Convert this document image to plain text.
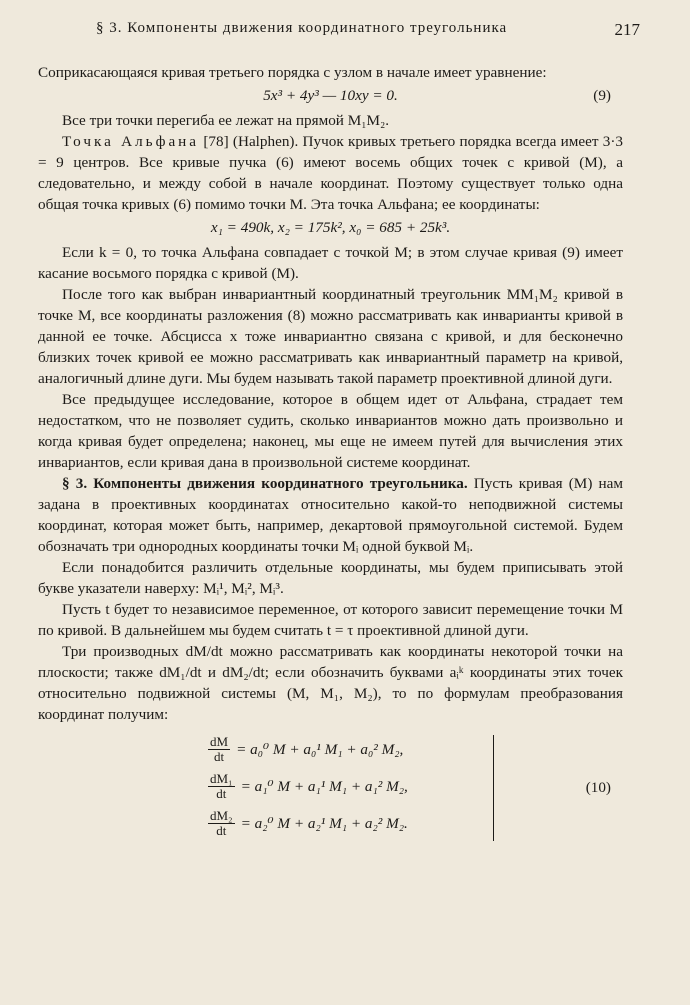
§ 3. Компоненты движения координатного треугольника	217

Соприкасающаяся кривая третьего порядка с узлом в начале имеет уравнение:

5x³ + 4y³ — 10xy = 0.	(9)

Все три точки перегиба ее лежат на прямой M₁M₂.

Точка Альфана [78] (Halphen). Пучок кривых третьего порядка всегда имеет 3·3 = 9 центров. Все кривые пучка (6) имеют восемь общих точек с кривой (M), а следовательно, и между собой в начале координат. Поэтому существует только одна общая точка кривых (6) помимо точки M. Эта точка Альфана; ее координаты:

x₁ = 490k, x₂ = 175k², x₀ = 685 + 25k³.

Если k = 0, то точка Альфана совпадает с точкой M; в этом случае кривая (9) имеет касание восьмого порядка с кривой (M).

После того как выбран инвариантный координатный треугольник MM₁M₂ кривой в точке M, все координаты разложения (8) можно рассматривать как инварианты кривой в данной ее точке. Абсцисса x тоже инвариантно связана с кривой, и для бесконечно близких точек кривой ее можно рассматривать как инвариантный параметр на кривой, аналогичный длине дуги. Мы будем называть такой параметр проективной длиной дуги.

Все предыдущее исследование, которое в общем идет от Альфана, страдает тем недостатком, что не позволяет судить, сколько инвариантов можно дать произвольно и когда кривая будет определена; наконец, мы еще не имеем путей для вычисления этих инвариантов, если кривая дана в произвольной системе координат.

§ 3. Компоненты движения координатного треугольника. Пусть кривая (M) нам задана в проективных координатах относительно какой-то неподвижной системы координат, которая может быть, например, декартовой прямоугольной системой. Будем обозначать три однородных координаты точки Mᵢ одной буквой Mᵢ.

Если понадобится различить отдельные координаты, мы будем приписывать этой букве указатели наверху: Mᵢ¹, Mᵢ², Mᵢ³.

Пусть t будет то независимое переменное, от которого зависит перемещение точки M по кривой. В дальнейшем мы будем считать t = τ проективной длиной дуги.

Три производных dM/dt можно рассматривать как координаты некоторой точки на плоскости; также dM₁/dt и dM₂/dt; если обозначить буквами aᵢᵏ координаты этих точек относительно подвижной системы (M, M₁, M₂), то по формулам преобразования координат получим:

$\frac{dM}{dt} = a_0^0$ M + a₀¹ M₁ + a₀² M₂,
$\frac{\text{dM₁}}{dt} = a_1^0$ M + a₁¹ M₁ + a₁² M₂,
$\frac{\text{dM₂}}{dt} = a_2^0$ M + a₂¹ M₁ + a₂² M₂.
(10)
